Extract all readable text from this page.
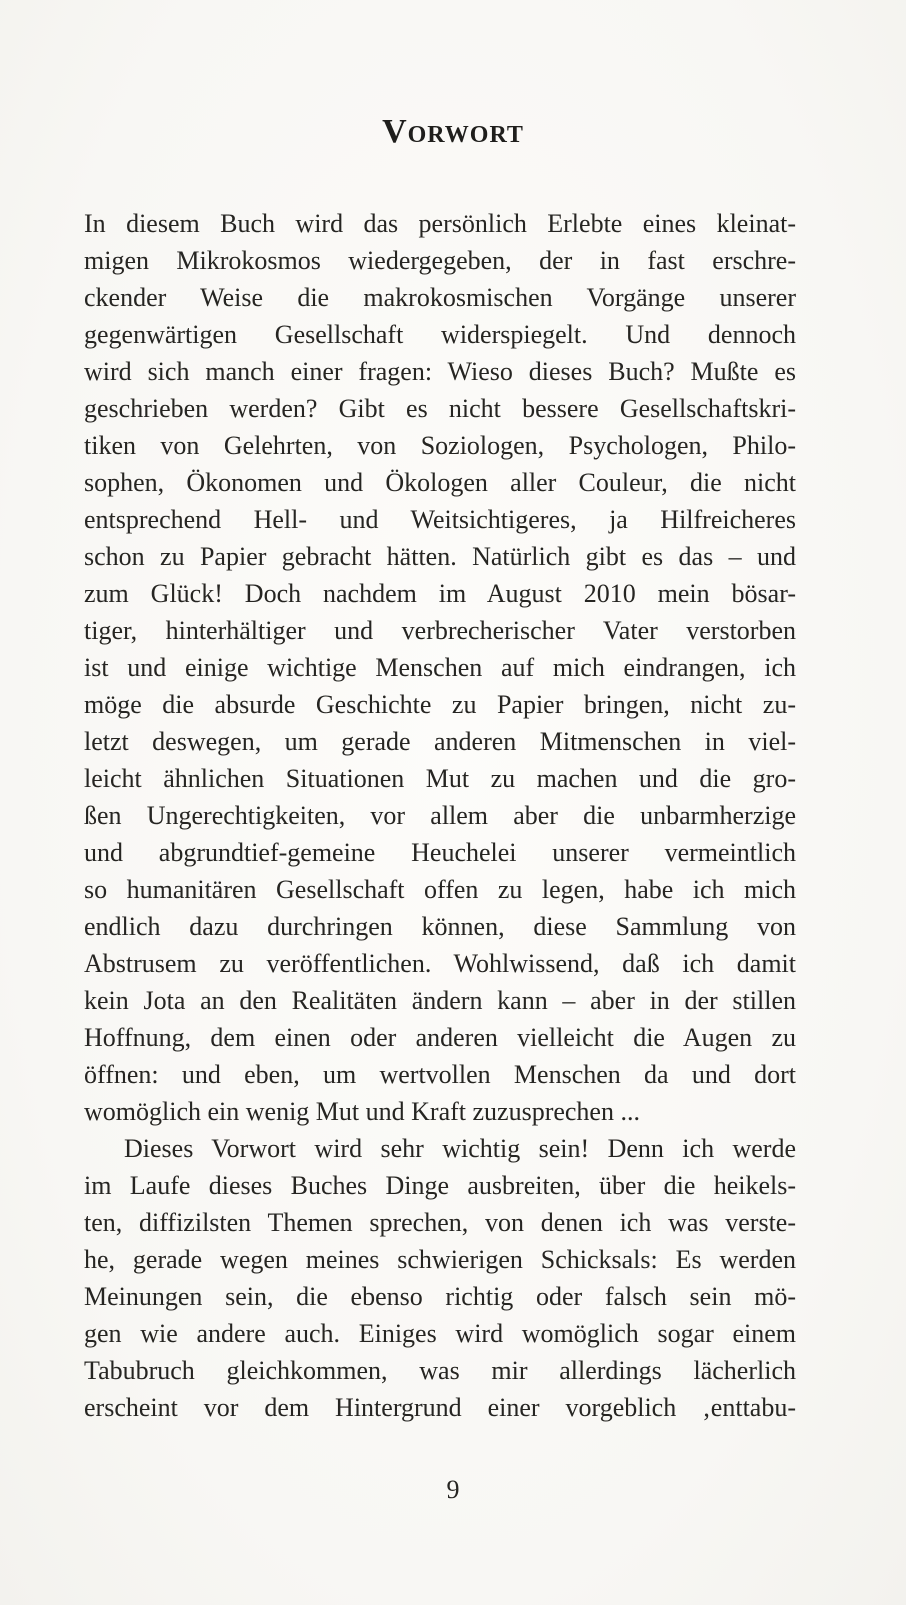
Vorwort
In diesem Buch wird das persönlich Erlebte eines kleinat-
migen Mikrokosmos wiedergegeben, der in fast erschre-
ckender Weise die makrokosmischen Vorgänge unserer
gegenwärtigen Gesellschaft widerspiegelt. Und dennoch
wird sich manch einer fragen: Wieso dieses Buch? Mußte es
geschrieben werden? Gibt es nicht bessere Gesellschaftskri-
tiken von Gelehrten, von Soziologen, Psychologen, Philo-
sophen, Ökonomen und Ökologen aller Couleur, die nicht
entsprechend Hell- und Weitsichtigeres, ja Hilfreicheres
schon zu Papier gebracht hätten. Natürlich gibt es das – und
zum Glück! Doch nachdem im August 2010 mein bösar-
tiger, hinterhältiger und verbrecherischer Vater verstorben
ist und einige wichtige Menschen auf mich eindrangen, ich
möge die absurde Geschichte zu Papier bringen, nicht zu-
letzt deswegen, um gerade anderen Mitmenschen in viel-
leicht ähnlichen Situationen Mut zu machen und die gro-
ßen Ungerechtigkeiten, vor allem aber die unbarmherzige
und abgrundtief-gemeine Heuchelei unserer vermeintlich
so humanitären Gesellschaft offen zu legen, habe ich mich
endlich dazu durchringen können, diese Sammlung von
Abstrusem zu veröffentlichen. Wohlwissend, daß ich damit
kein Jota an den Realitäten ändern kann – aber in der stillen
Hoffnung, dem einen oder anderen vielleicht die Augen zu
öffnen: und eben, um wertvollen Menschen da und dort
womöglich ein wenig Mut und Kraft zuzusprechen ...
Dieses Vorwort wird sehr wichtig sein! Denn ich werde
im Laufe dieses Buches Dinge ausbreiten, über die heikels-
ten, diffizilsten Themen sprechen, von denen ich was verste-
he, gerade wegen meines schwierigen Schicksals: Es werden
Meinungen sein, die ebenso richtig oder falsch sein mö-
gen wie andere auch. Einiges wird womöglich sogar einem
Tabubruch gleichkommen, was mir allerdings lächerlich
erscheint vor dem Hintergrund einer vorgeblich ‚enttabu-
9
